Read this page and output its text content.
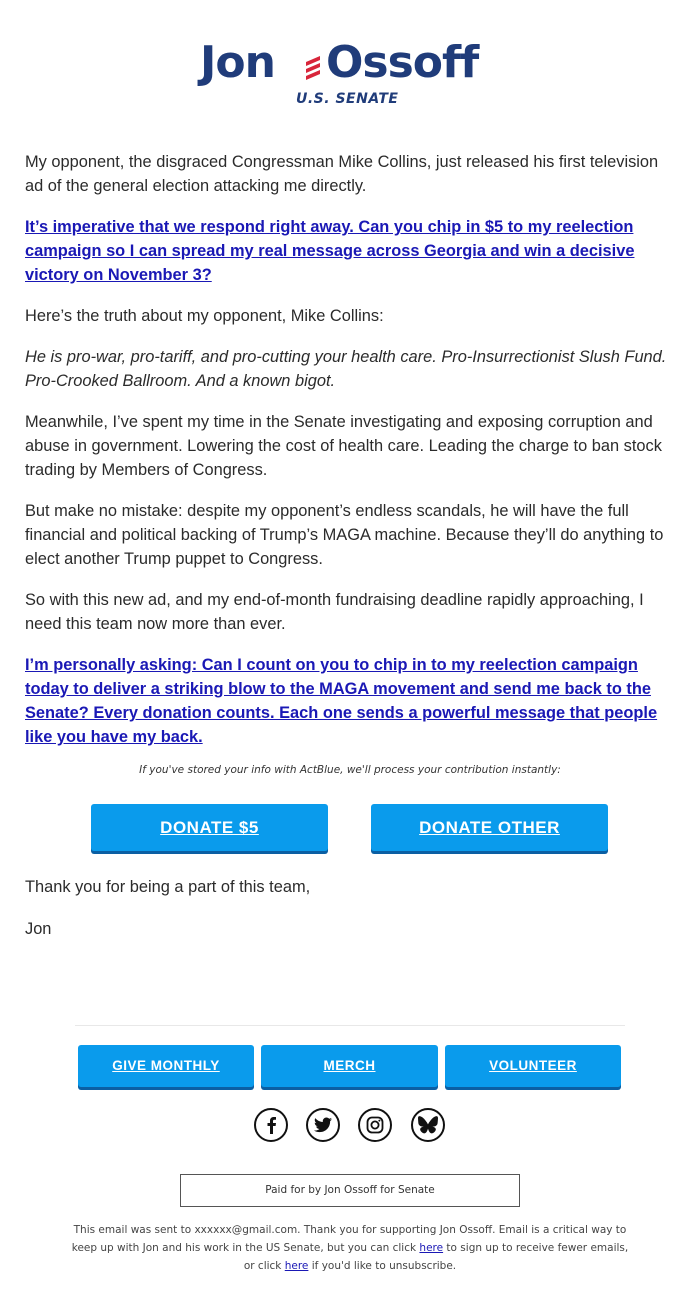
Jon Ossoff
U.S. SENATE

My opponent, the disgraced Congressman Mike Collins, just released his first television ad of the general election attacking me directly.

It’s imperative that we respond right away. Can you chip in $5 to my reelection campaign so I can spread my real message across Georgia and win a decisive victory on November 3?

Here’s the truth about my opponent, Mike Collins:

He is pro-war, pro-tariff, and pro-cutting your health care. Pro-Insurrectionist Slush Fund. Pro-Crooked Ballroom. And a known bigot.

Meanwhile, I’ve spent my time in the Senate investigating and exposing corruption and abuse in government. Lowering the cost of health care. Leading the charge to ban stock trading by Members of Congress.

But make no mistake: despite my opponent’s endless scandals, he will have the full financial and political backing of Trump’s MAGA machine. Because they’ll do anything to elect another Trump puppet to Congress.

So with this new ad, and my end-of-month fundraising deadline rapidly approaching, I need this team now more than ever.

I’m personally asking: Can I count on you to chip in to my reelection campaign today to deliver a striking blow to the MAGA movement and send me back to the Senate? Every donation counts. Each one sends a powerful message that people like you have my back.

If you've stored your info with ActBlue, we'll process your contribution instantly:
DONATE $5	DONATE OTHER
Thank you for being a part of this team,
Jon
GIVE MONTHLY	MERCH	VOLUNTEER
Paid for by Jon Ossoff for Senate
This email was sent to xxxxxx@gmail.com. Thank you for supporting Jon Ossoff. Email is a critical way to keep up with Jon and his work in the US Senate, but you can click here to sign up to receive fewer emails, or click here if you'd like to unsubscribe.
